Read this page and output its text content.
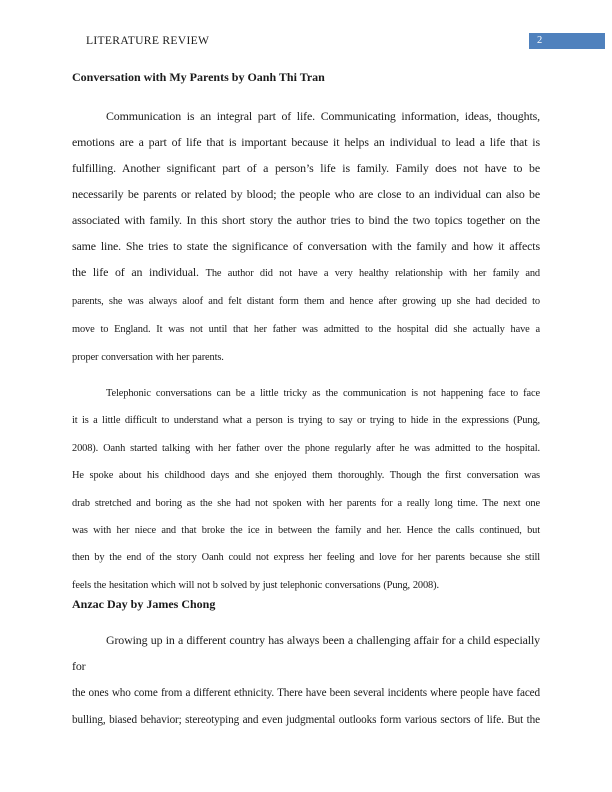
LITERATURE REVIEW	2
Conversation with My Parents by Oanh Thi Tran
Communication is an integral part of life. Communicating information, ideas, thoughts,
emotions are a part of life that is important because it helps an individual to lead a life that is
fulfilling. Another significant part of a person’s life is family. Family does not have to be
necessarily be parents or related by blood; the people who are close to an individual can also be
associated with family. In this short story the author tries to bind the two topics together on the
same line. She tries to state the significance of conversation with the family and how it affects
the life of an individual. The author did not have a very healthy relationship with her family and
parents, she was always aloof and felt distant form them and hence after growing up she had decided to
move to England. It was not until that her father was admitted to the hospital did she actually have a
proper conversation with her parents.
Telephonic conversations can be a little tricky as the communication is not happening face to face
it is a little difficult to understand what a person is trying to say or trying to hide in the expressions (Pung,
2008). Oanh started talking with her father over the phone regularly after he was admitted to the hospital.
He spoke about his childhood days and she enjoyed them thoroughly. Though the first conversation was
drab stretched and boring as the she had not spoken with her parents for a really long time. The next one
was with her niece and that broke the ice in between the family and her. Hence the calls continued, but
then by the end of the story Oanh could not express her feeling and love for her parents because she still
feels the hesitation which will not b solved by just telephonic conversations (Pung, 2008).
Anzac Day by James Chong
Growing up in a different country has always been a challenging affair for a child especially for
the ones who come from a different ethnicity. There have been several incidents where people have faced
bulling, biased behavior; stereotyping and even judgmental outlooks form various sectors of life. But the
